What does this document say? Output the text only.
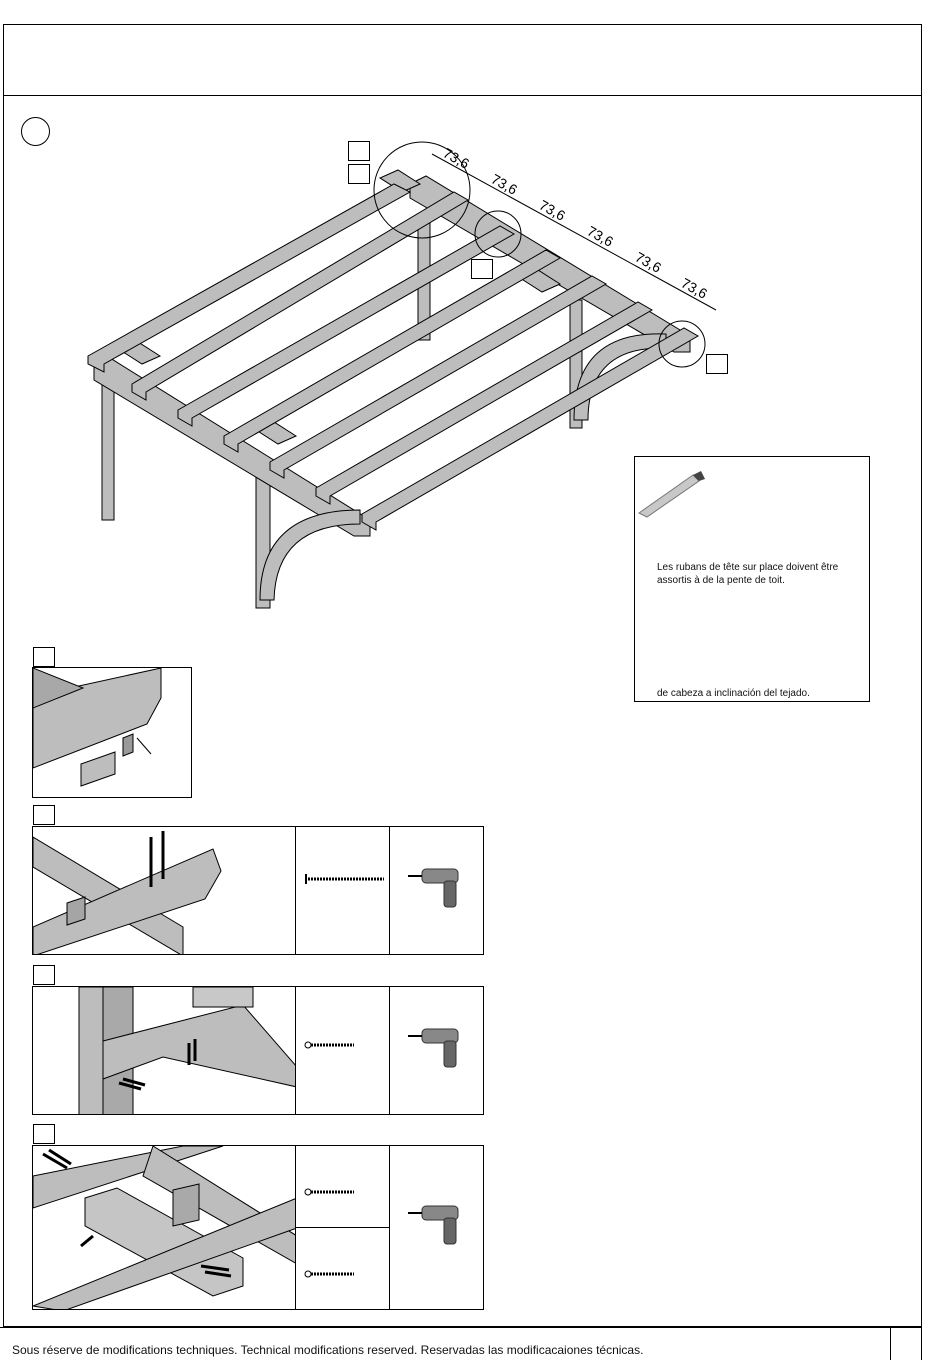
73,6
73,6
73,6
73,6
73,6
73,6
Les rubans de tête sur place doivent être
assortis à de la pente de toit.
de cabeza a inclinación del tejado.
Sous réserve de modifications techniques. Technical modifications reserved. Reservadas las modificacaiones técnicas.
